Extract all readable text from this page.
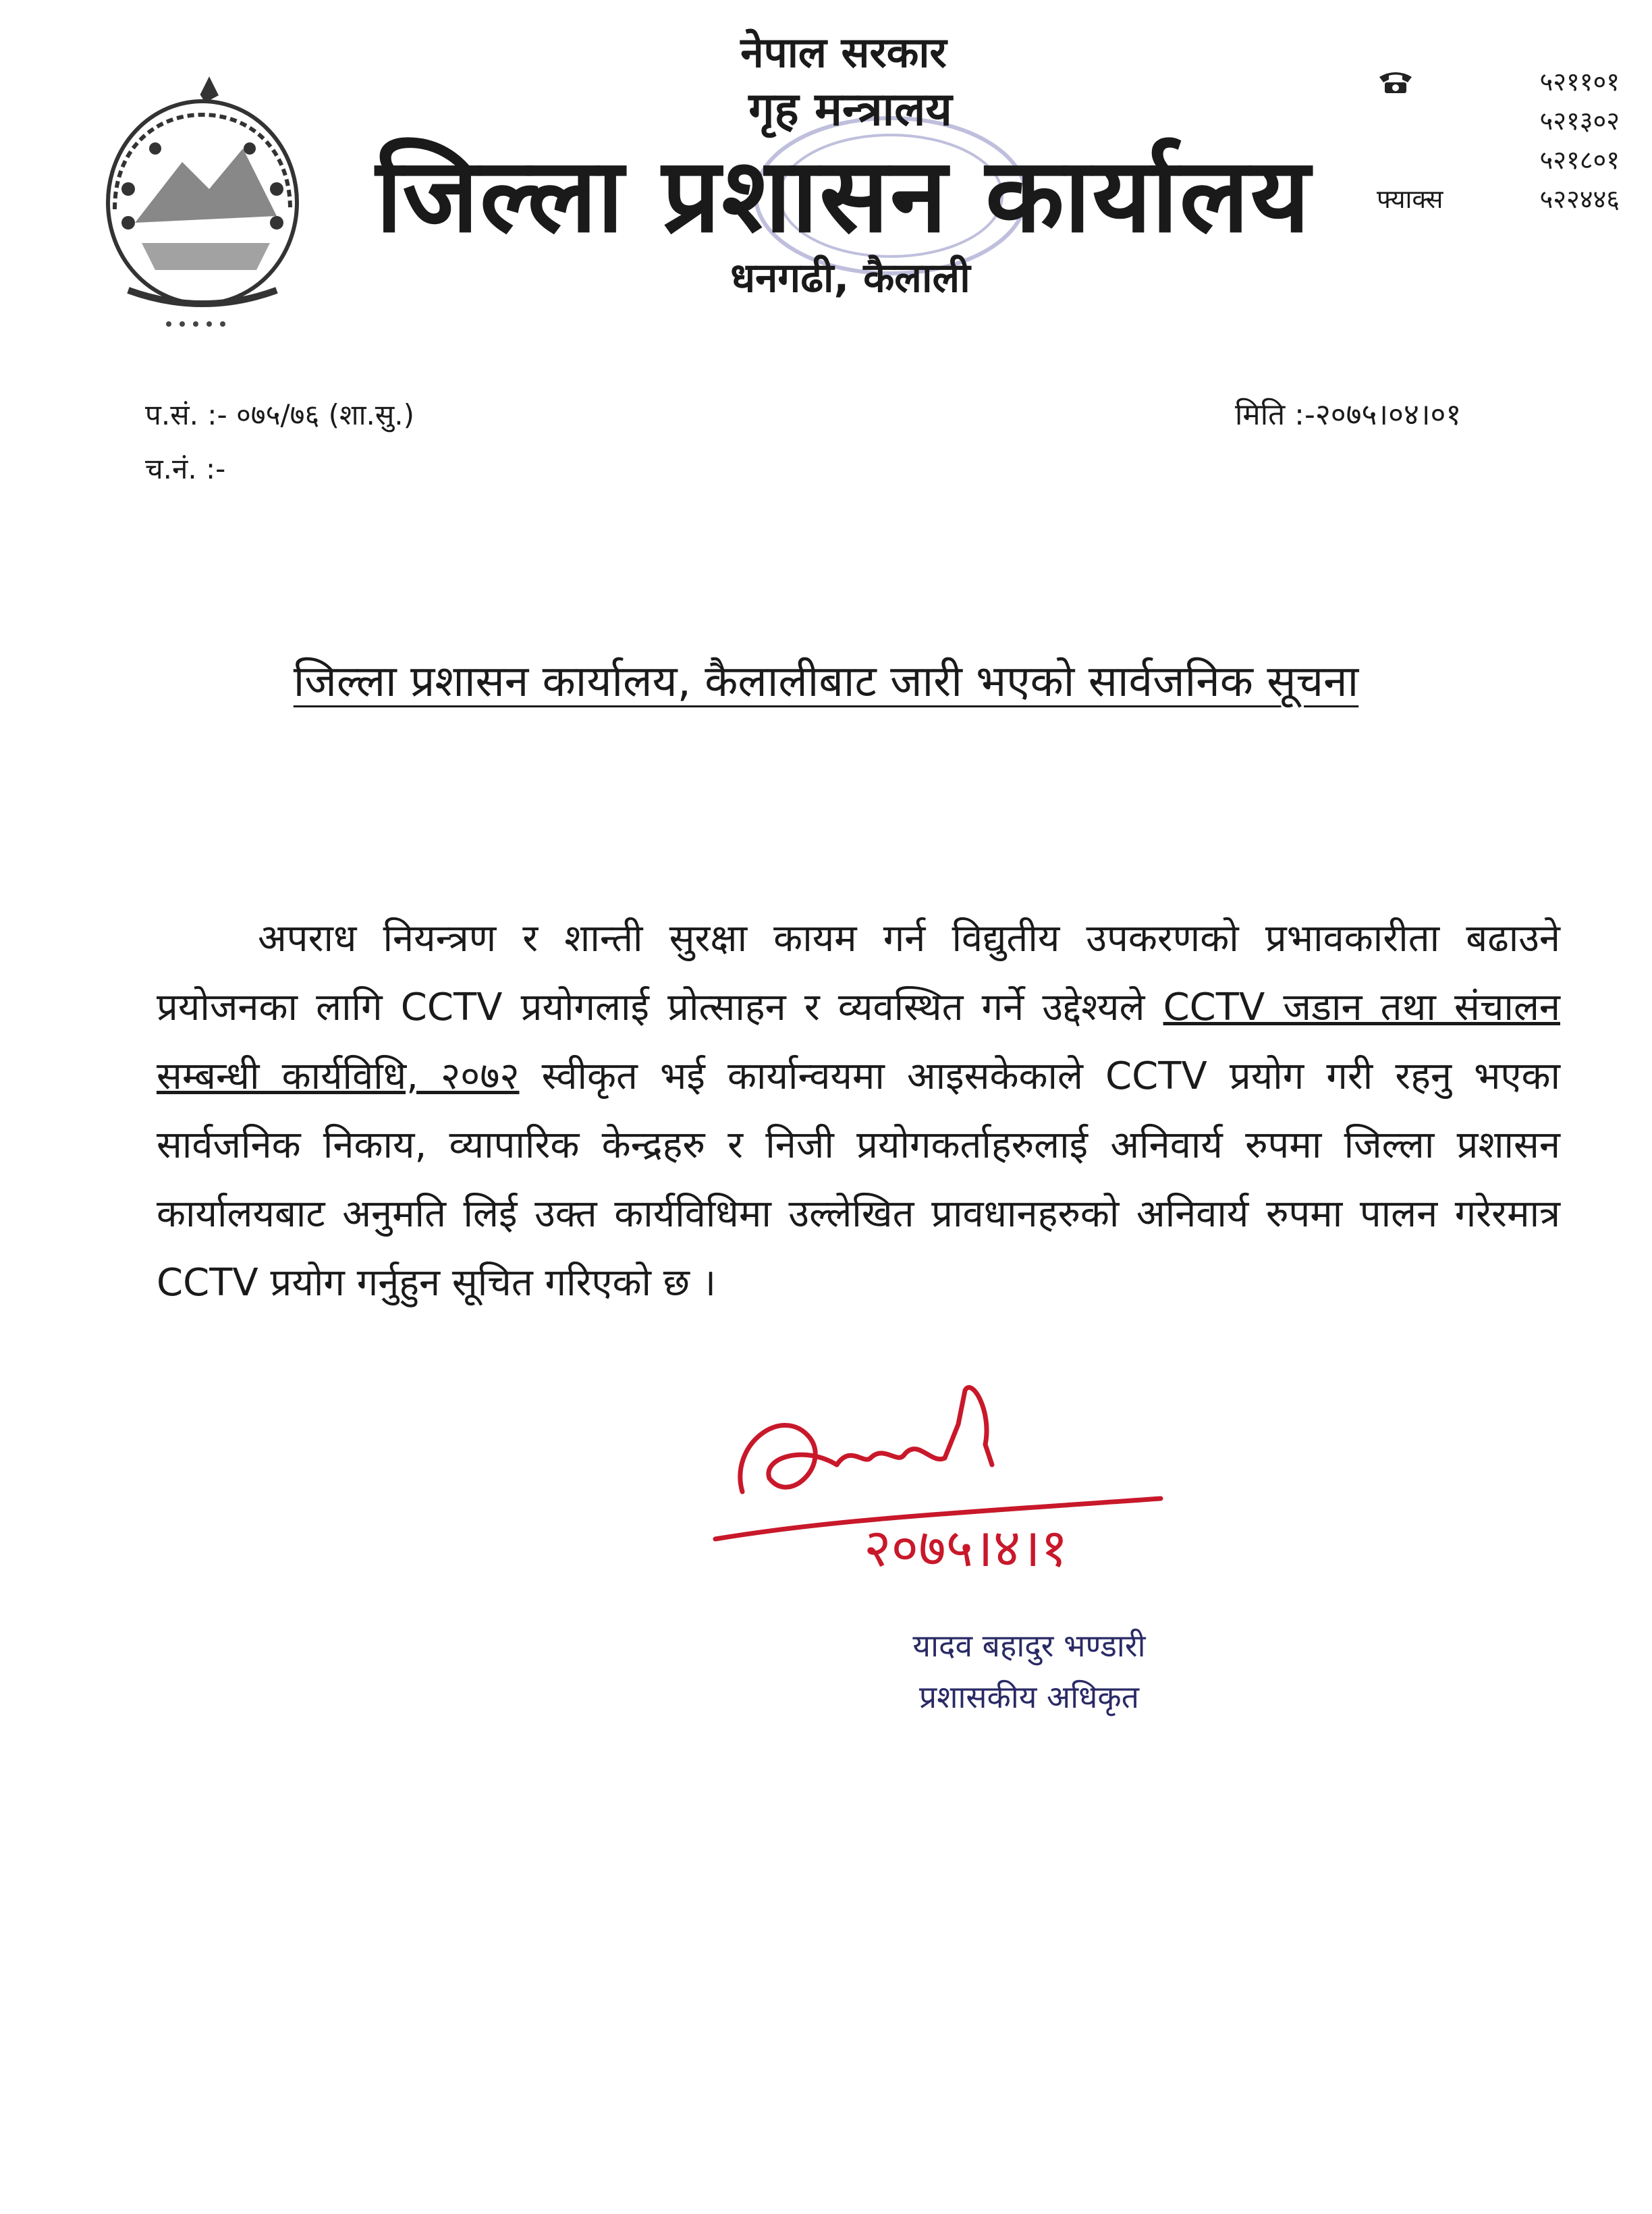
नेपाल सरकार
गृह मन्त्रालय
जिल्ला प्रशासन कार्यालय
धनगढी, कैलाली
५२११०१
५२१३०२
५२१८०१
फ्याक्स	५२२४४६
प.सं. :- ०७५/७६ (शा.सु.)
च.नं. :-
मिति :-२०७५।०४।०१
जिल्ला प्रशासन कार्यालय, कैलालीबाट जारी भएको सार्वजनिक सूचना
अपराध नियन्त्रण र शान्ती सुरक्षा कायम गर्न विद्युतीय उपकरणको प्रभावकारीता बढाउने प्रयोजनका लागि CCTV प्रयोगलाई प्रोत्साहन र व्यवस्थित गर्ने उद्देश्यले CCTV जडान तथा संचालन सम्बन्धी कार्यविधि, २०७२ स्वीकृत भई कार्यान्वयमा आइसकेकाले CCTV प्रयोग गरी रहनु भएका सार्वजनिक निकाय, व्यापारिक केन्द्रहरु र निजी प्रयोगकर्ताहरुलाई अनिवार्य रुपमा जिल्ला प्रशासन कार्यालयबाट अनुमति लिई उक्त कार्यविधिमा उल्लेखित प्रावधानहरुको अनिवार्य रुपमा पालन गरेरमात्र CCTV प्रयोग गर्नुहुन सूचित गरिएको छ ।
२०७५।४।१
यादव बहादुर भण्डारी
प्रशासकीय अधिकृत
